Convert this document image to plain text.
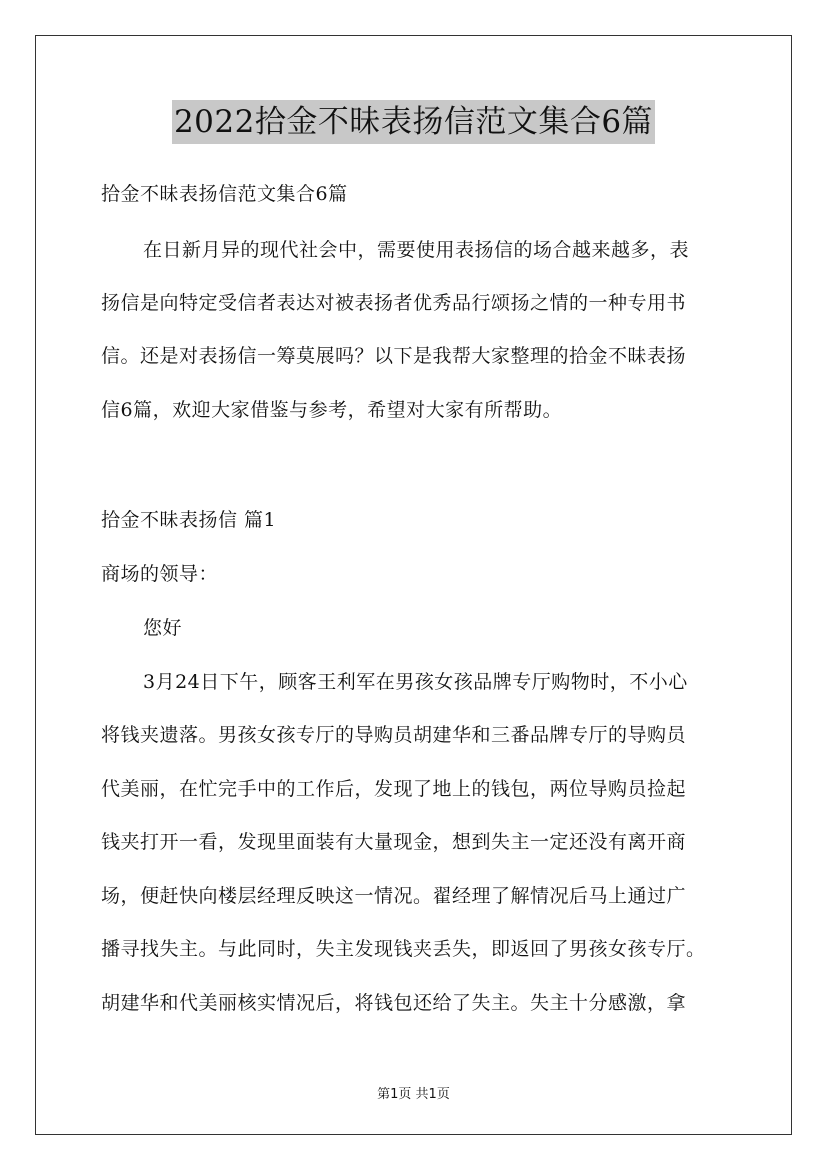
2022拾金不昧表扬信范文集合6篇
拾金不昧表扬信范文集合6篇
在日新月异的现代社会中，需要使用表扬信的场合越来越多，表
扬信是向特定受信者表达对被表扬者优秀品行颂扬之情的一种专用书
信。还是对表扬信一筹莫展吗？以下是我帮大家整理的拾金不昧表扬
信6篇，欢迎大家借鉴与参考，希望对大家有所帮助。
拾金不昧表扬信 篇1
商场的领导：
您好
3月24日下午，顾客王利军在男孩女孩品牌专厅购物时，不小心
将钱夹遗落。男孩女孩专厅的导购员胡建华和三番品牌专厅的导购员
代美丽，在忙完手中的工作后，发现了地上的钱包，两位导购员捡起
钱夹打开一看，发现里面装有大量现金，想到失主一定还没有离开商
场，便赶快向楼层经理反映这一情况。翟经理了解情况后马上通过广
播寻找失主。与此同时，失主发现钱夹丢失，即返回了男孩女孩专厅。
胡建华和代美丽核实情况后，将钱包还给了失主。失主十分感激，拿
第1页 共1页
